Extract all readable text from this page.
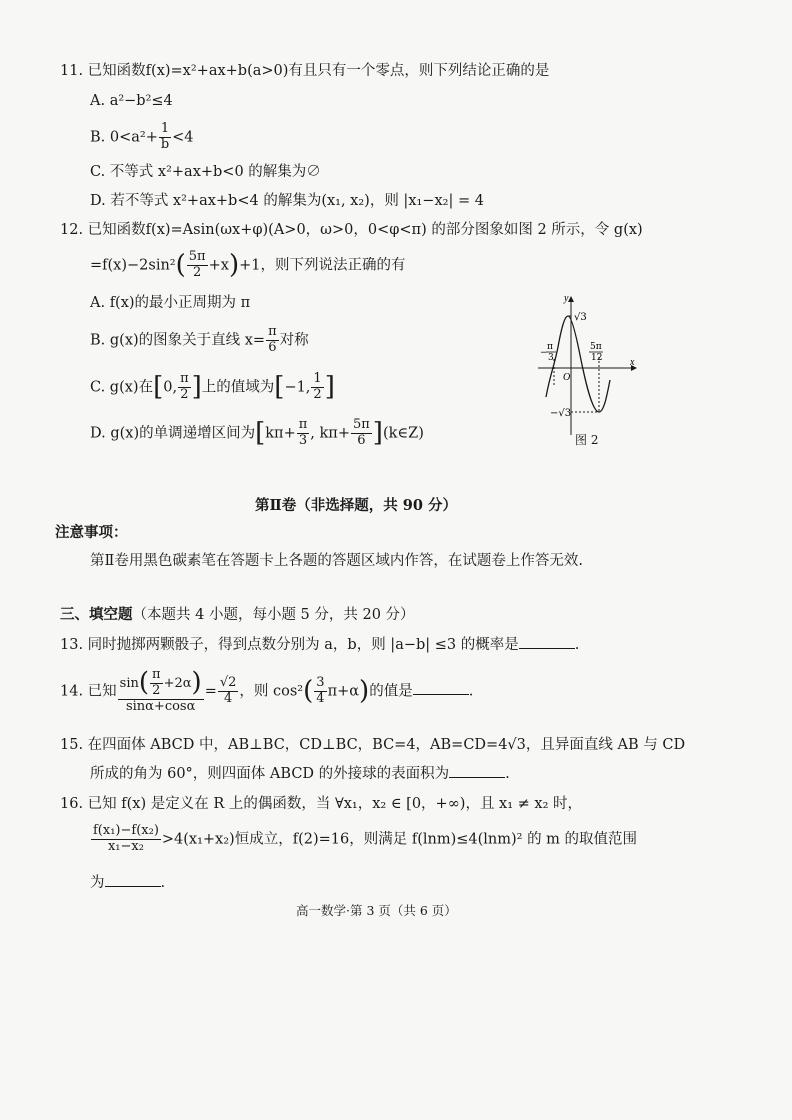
11. 已知函数f(x)=x²+ax+b(a>0)有且只有一个零点，则下列结论正确的是
A. a²−b²≤4
B. $0<a^2+ \frac{1}{b} <4$
C. 不等式 x²+ax+b<0 的解集为∅
D. 若不等式 x²+ax+b<4 的解集为(x₁, x₂)，则 |x₁−x₂| = 4
12. 已知函数f(x)=Asin(ωx+φ)(A>0，ω>0，0<φ<π) 的部分图象如图 2 所示，令 g(x)
$=f(x)-2\sin^2( \frac{5\pi}{2} +x)+1$，则下列说法正确的有
A. f(x)的最小正周期为 π
B. g(x)的图象关于直线 $x= \frac{\pi}{6}$ 对称
C. g(x)在[0, $\frac{\pi}{2}$ ]上的值域为[−1, $\frac{1}{2}$ ]
D. g(x)的单调递增区间为[$k\pi+ \frac{\pi}{3}$ , $k\pi+ \frac{5\pi}{6}$ ](k∈Z)
y
x
O
√3
−√3
−
π
3
5π
12
图 2
第Ⅱ卷（非选择题，共 90 分）
注意事项：
第Ⅱ卷用黑色碳素笔在答题卡上各题的答题区域内作答，在试题卷上作答无效.
三、填空题（本题共 4 小题，每小题 5 分，共 20 分）
13. 同时抛掷两颗骰子，得到点数分别为 a，b，则 |a−b| ≤3 的概率是	.
14. 已知 $\frac{\sin( \frac{\pi}{2} +2\alpha)}{\sin\alpha+\cos\alpha} = \frac{√2}{4}$ ，则 $\cos^2( \frac{3}{4} \pi+\alpha)$的值是	.
15. 在四面体 ABCD 中，AB⊥BC，CD⊥BC，BC=4，AB=CD=4√3，且异面直线 AB 与 CD
所成的角为 60°，则四面体 ABCD 的外接球的表面积为	.
16. 已知 f(x) 是定义在 R 上的偶函数，当 ∀x₁，x₂ ∈ [0，+∞)，且 x₁ ≠ x₂ 时，
$\frac{\text{f(x₁)−f(x₂)}}{\text{x₁−x₂}} >4(x_1+x_2)$恒成立，f(2)=16，则满足 f(lnm)≤4(lnm)² 的 m 的取值范围
为	.
高一数学·第 3 页（共 6 页）
